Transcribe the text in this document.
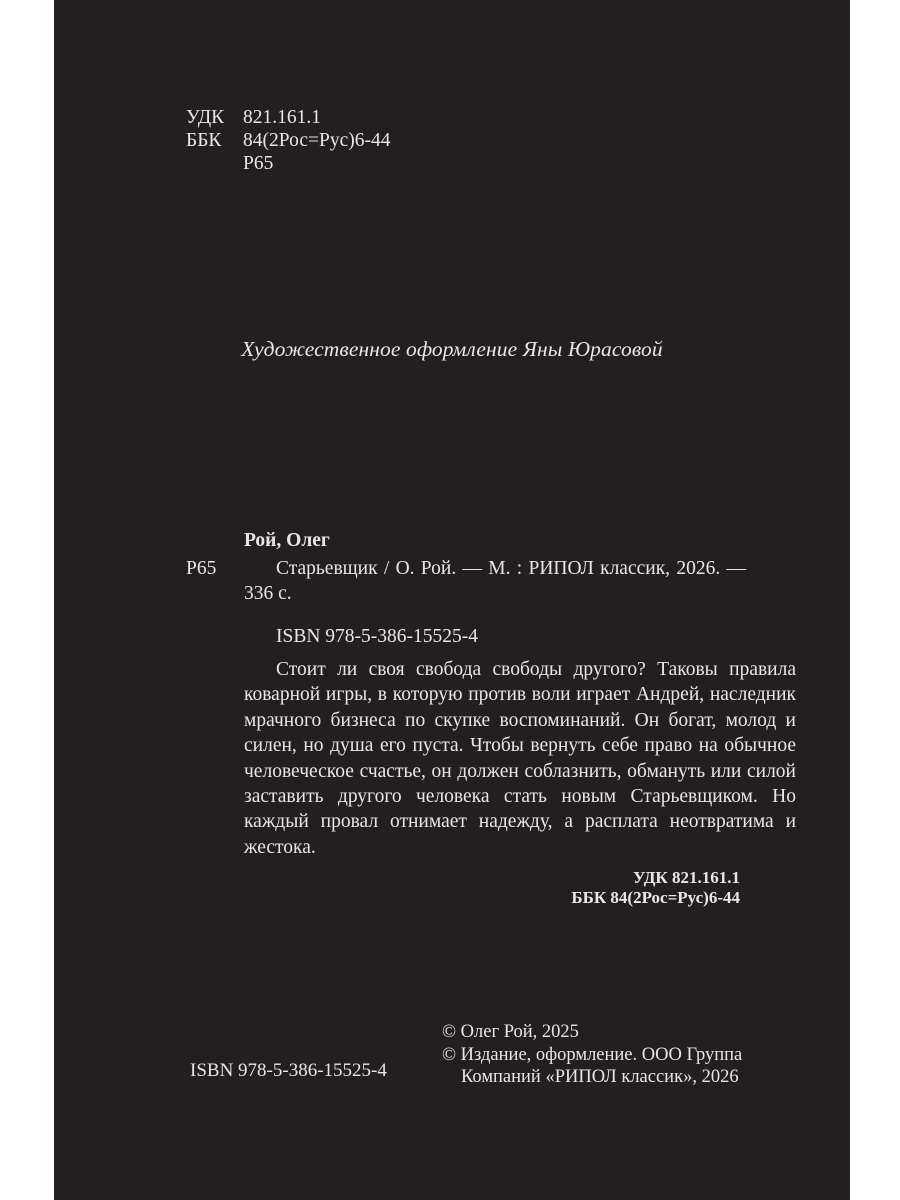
УДК 821.161.1
ББК	84(2Рос=Рус)6-44
Р65
Художественное оформление Яны Юрасовой
Рой, Олег
Р65	Старьевщик / О. Рой. — М. : РИПОЛ классик, 2026. — 336 с.
ISBN 978-5-386-15525-4
Стоит ли своя свобода свободы другого? Таковы правила коварной игры, в которую против воли играет Андрей, наследник мрачного бизнеса по скупке воспоминаний. Он богат, молод и силен, но душа его пуста. Чтобы вернуть себе право на обычное человеческое счастье, он должен соблазнить, обмануть или силой заставить другого человека стать новым Старьевщиком. Но каждый провал отнимает надежду, а расплата неотвратима и жестока.
УДК 821.161.1
ББК 84(2Рос=Рус)6-44
ISBN 978-5-386-15525-4
© Олег Рой, 2025
© Издание, оформление. ООО Группа
Компаний «РИПОЛ классик», 2026
